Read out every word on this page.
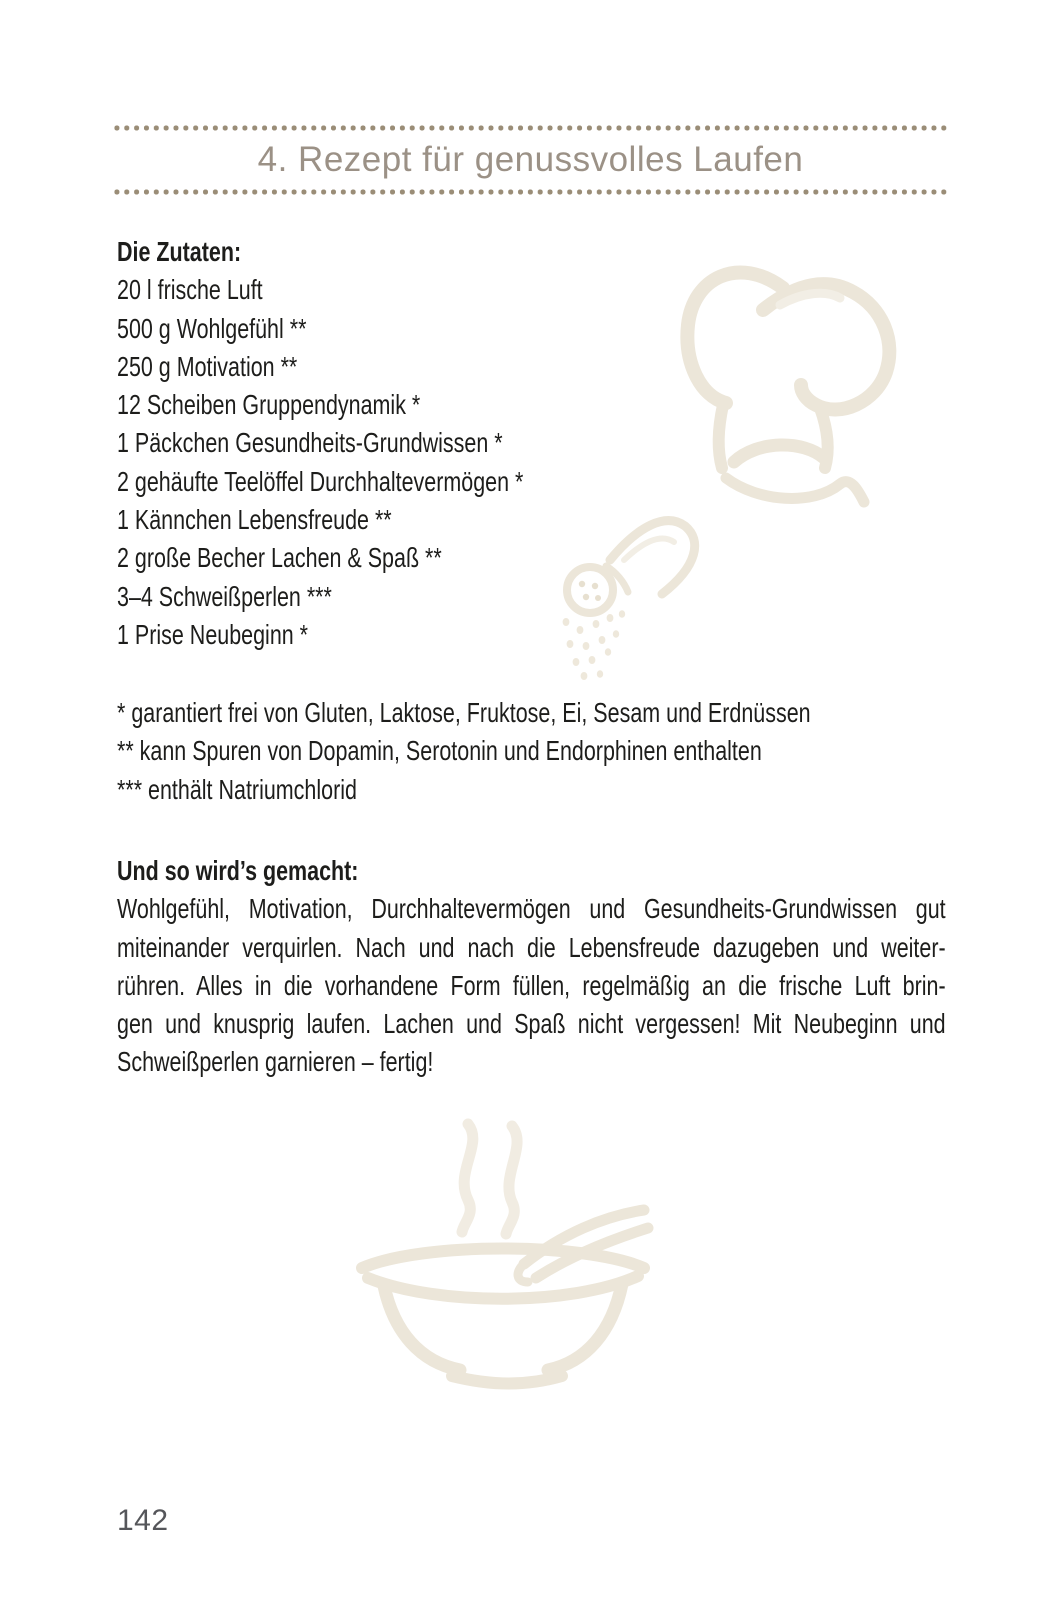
4. Rezept für genussvolles Laufen
Die Zutaten:
20 l frische Luft
500 g Wohlgefühl **
250 g Motivation **
12 Scheiben Gruppendynamik *
1 Päckchen Gesundheits-Grundwissen *
2 gehäufte Teelöffel Durchhaltevermögen *
1 Kännchen Lebensfreude **
2 große Becher Lachen & Spaß **
3–4 Schweißperlen ***
1 Prise Neubeginn *
* garantiert frei von Gluten, Laktose, Fruktose, Ei, Sesam und Erdnüssen
** kann Spuren von Dopamin, Serotonin und Endorphinen enthalten
*** enthält Natriumchlorid
Und so wird’s gemacht:
Wohlgefühl, Motivation, Durchhaltevermögen und Gesundheits-Grundwissen gut
miteinander verquirlen. Nach und nach die Lebensfreude dazugeben und weiter-
rühren. Alles in die vorhandene Form füllen, regelmäßig an die frische Luft brin-
gen und knusprig laufen. Lachen und Spaß nicht vergessen! Mit Neubeginn und
Schweißperlen garnieren – fertig!
142
